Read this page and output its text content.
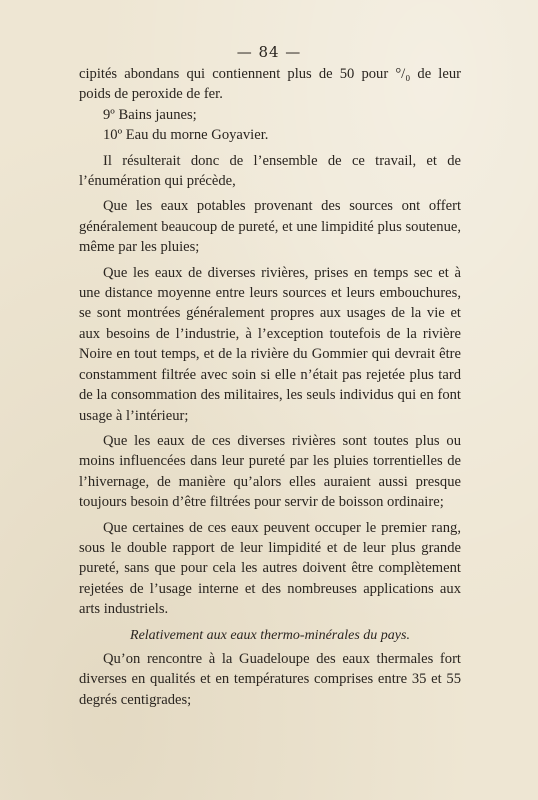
— 84 —

cipités abondans qui contiennent plus de 50 pour °/₀ de leur poids de peroxide de fer.

9º Bains jaunes;

10º Eau du morne Goyavier.

Il résulterait donc de l’ensemble de ce travail, et de l’énumération qui précède,

Que les eaux potables provenant des sources ont offert généralement beaucoup de pureté, et une limpidité plus soutenue, même par les pluies;

Que les eaux de diverses rivières, prises en temps sec et à une distance moyenne entre leurs sources et leurs embouchures, se sont montrées généralement propres aux usages de la vie et aux besoins de l’industrie, à l’exception toutefois de la rivière Noire en tout temps, et de la rivière du Gommier qui devrait être constamment filtrée avec soin si elle n’était pas rejetée plus tard de la consommation des militaires, les seuls individus qui en font usage à l’intérieur;

Que les eaux de ces diverses rivières sont toutes plus ou moins influencées dans leur pureté par les pluies torrentielles de l’hivernage, de manière qu’alors elles auraient aussi presque toujours besoin d’être filtrées pour servir de boisson ordinaire;

Que certaines de ces eaux peuvent occuper le premier rang, sous le double rapport de leur limpidité et de leur plus grande pureté, sans que pour cela les autres doivent être complètement rejetées de l’usage interne et des nombreuses applications aux arts industriels.

Relativement aux eaux thermo-minérales du pays.

Qu’on rencontre à la Guadeloupe des eaux thermales fort diverses en qualités et en températures comprises entre 35 et 55 degrés centigrades;
